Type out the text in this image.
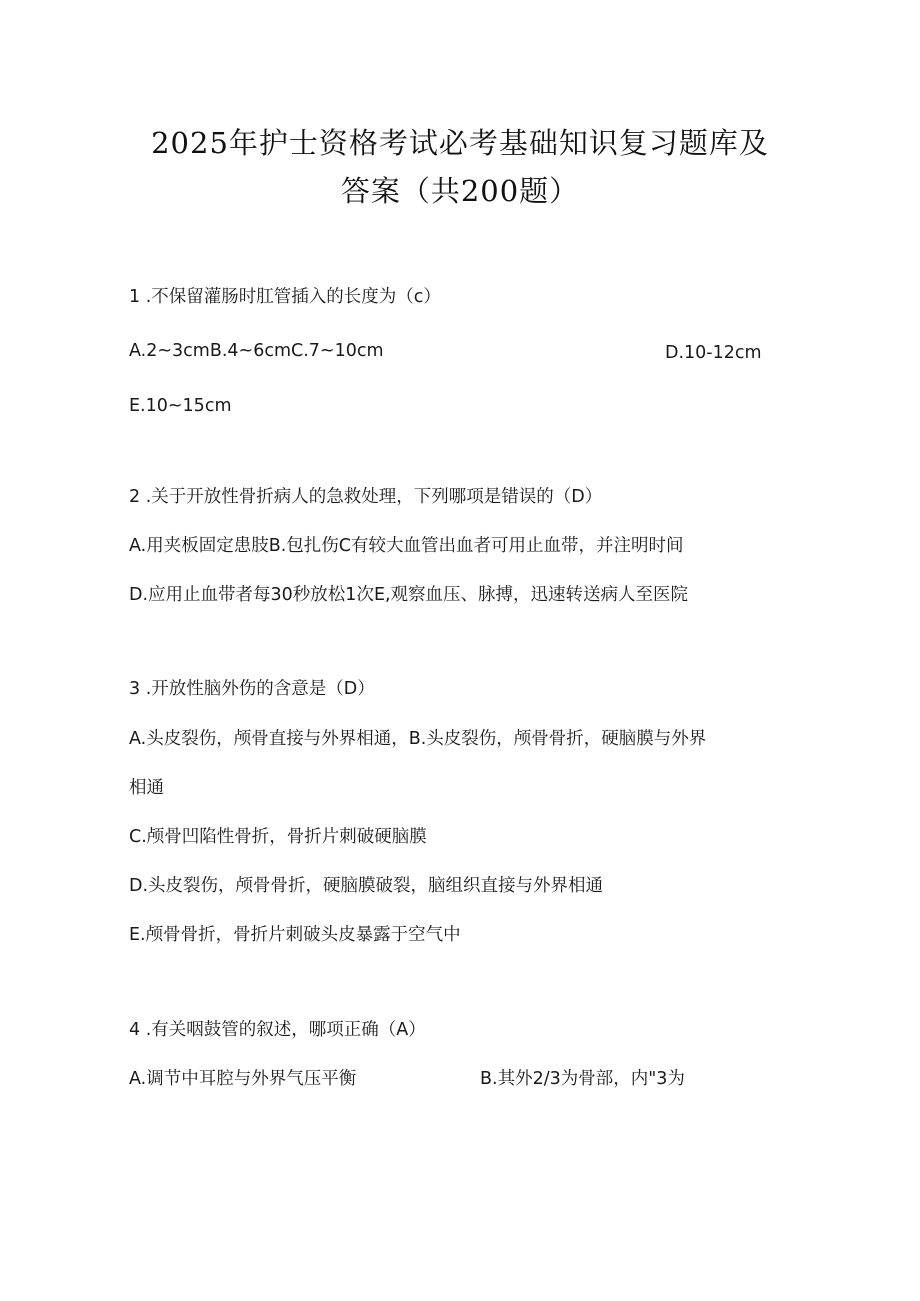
2025年护士资格考试必考基础知识复习题库及
答案（共200题）
1 .不保留灌肠时肛管插入的长度为（c）
A.2~3cmB.4~6cmC.7~10cm	D.10-12cm
E.10~15cm
2 .关于开放性骨折病人的急救处理，下列哪项是错误的（D）
A.用夹板固定患肢B.包扎伤C有较大血管出血者可用止血带，并注明时间
D.应用止血带者每30秒放松1次E,观察血压、脉搏，迅速转送病人至医院
3 .开放性脑外伤的含意是（D）
A.头皮裂伤，颅骨直接与外界相通，B.头皮裂伤，颅骨骨折，硬脑膜与外界
相通
C.颅骨凹陷性骨折，骨折片刺破硬脑膜
D.头皮裂伤，颅骨骨折，硬脑膜破裂，脑组织直接与外界相通
E.颅骨骨折，骨折片刺破头皮暴露于空气中
4 .有关咽鼓管的叙述，哪项正确（A）
A.调节中耳腔与外界气压平衡	B.其外2/3为骨部，内"3为
